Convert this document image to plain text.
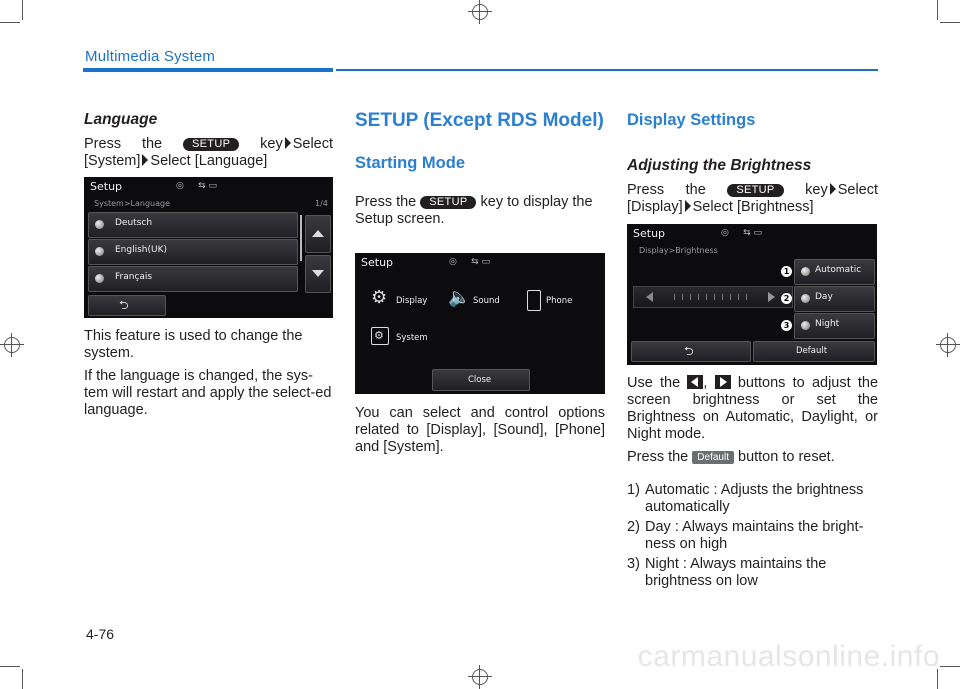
Multimedia System
Language

Press the	SETUP key Select

[System] Select [Language]

Setup	◎     ⇆ ▭
System>Language	1/4
Deutsch
English(UK)
Français
⮌

This feature is used to change the system.

If the language is changed, the sys-tem will restart and apply the select-ed language.

SETUP (Except RDS Model)
Starting Mode

Press the SETUP key to display the Setup screen.

Setup	◎     ⇆ ▭
⚙ Display 🔈 Sound	Phone
⚙ System
Close

You can select and control options related to [Display], [Sound], [Phone] and [System].

Display Settings
Adjusting the Brightness

Press the	SETUP key Select

[Display] Select [Brightness]

Setup	◎     ⇆ ▭
Display>Brightness
1
2
3
Automatic
Day
Night
⮌	Default

Use the ,  buttons to adjust the screen brightness or set the Brightness on Automatic, Daylight, or Night mode.

Press the Default button to reset.

1) Automatic : Adjusts the brightness automatically
2) Day : Always maintains the bright-ness on high
3) Night : Always maintains the brightness on low
4-76
carmanualsonline.info
